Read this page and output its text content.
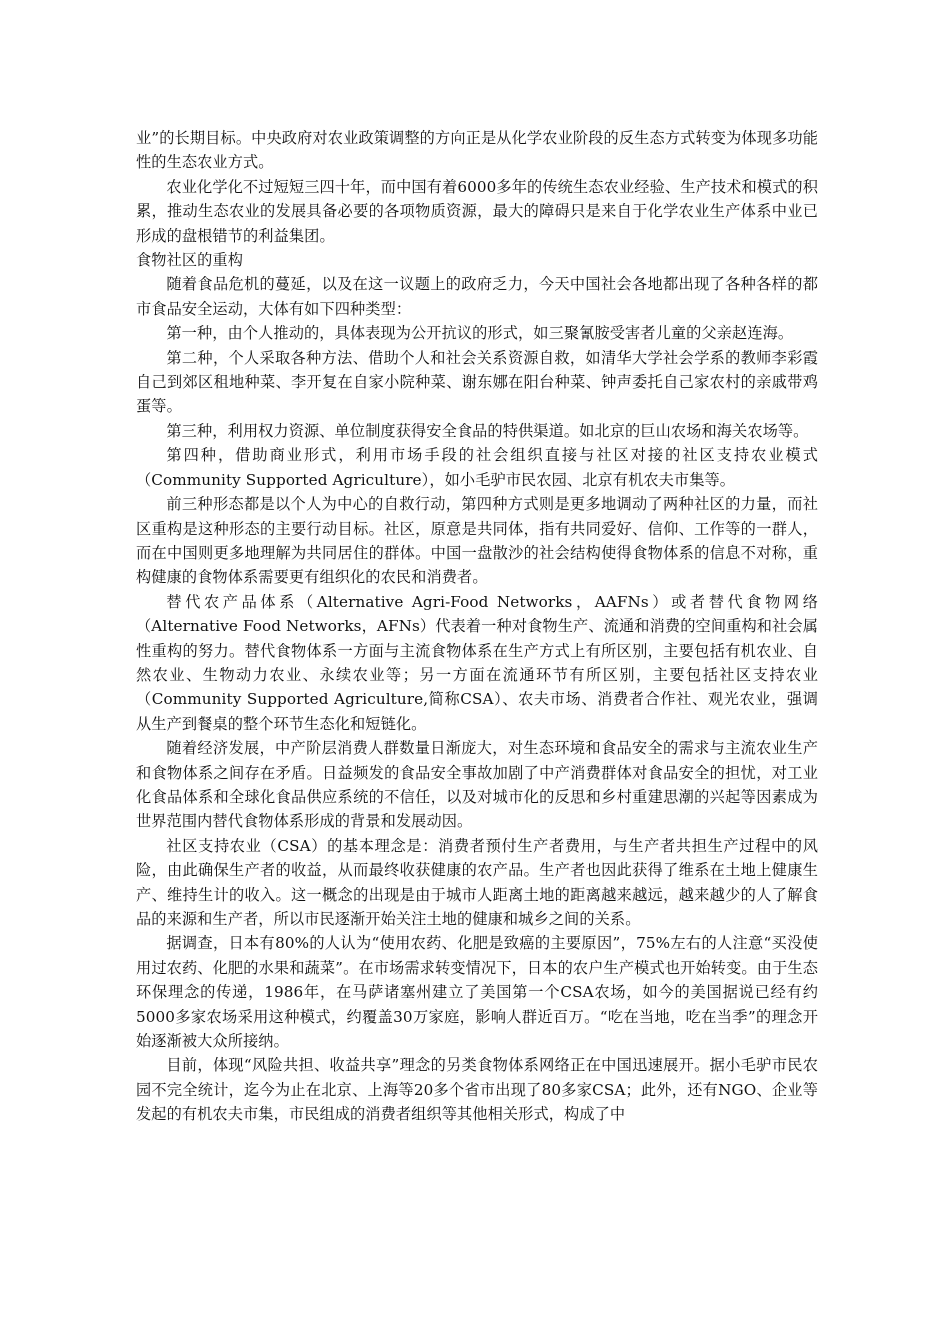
业”的长期目标。中央政府对农业政策调整的方向正是从化学农业阶段的反生态方式转变为体现多功能性的生态农业方式。

农业化学化不过短短三四十年，而中国有着6000多年的传统生态农业经验、生产技术和模式的积累，推动生态农业的发展具备必要的各项物质资源，最大的障碍只是来自于化学农业生产体系中业已形成的盘根错节的利益集团。

食物社区的重构

随着食品危机的蔓延，以及在这一议题上的政府乏力，今天中国社会各地都出现了各种各样的都市食品安全运动，大体有如下四种类型：

第一种，由个人推动的，具体表现为公开抗议的形式，如三聚氰胺受害者儿童的父亲赵连海。

第二种，个人采取各种方法、借助个人和社会关系资源自救，如清华大学社会学系的教师李彩霞自己到郊区租地种菜、李开复在自家小院种菜、谢东娜在阳台种菜、钟声委托自己家农村的亲戚带鸡蛋等。

第三种，利用权力资源、单位制度获得安全食品的特供渠道。如北京的巨山农场和海关农场等。

第四种，借助商业形式，利用市场手段的社会组织直接与社区对接的社区支持农业模式（Community Supported Agriculture），如小毛驴市民农园、北京有机农夫市集等。

前三种形态都是以个人为中心的自救行动，第四种方式则是更多地调动了两种社区的力量，而社区重构是这种形态的主要行动目标。社区，原意是共同体，指有共同爱好、信仰、工作等的一群人，而在中国则更多地理解为共同居住的群体。中国一盘散沙的社会结构使得食物体系的信息不对称，重构健康的食物体系需要更有组织化的农民和消费者。

替代农产品体系（Alternative Agri-Food Networks，AAFNs）或者替代食物网络（Alternative Food Networks，AFNs）代表着一种对食物生产、流通和消费的空间重构和社会属性重构的努力。替代食物体系一方面与主流食物体系在生产方式上有所区别，主要包括有机农业、自然农业、生物动力农业、永续农业等；另一方面在流通环节有所区别，主要包括社区支持农业（Community Supported Agriculture,简称CSA）、农夫市场、消费者合作社、观光农业，强调从生产到餐桌的整个环节生态化和短链化。

随着经济发展，中产阶层消费人群数量日渐庞大，对生态环境和食品安全的需求与主流农业生产和食物体系之间存在矛盾。日益频发的食品安全事故加剧了中产消费群体对食品安全的担忧，对工业化食品体系和全球化食品供应系统的不信任，以及对城市化的反思和乡村重建思潮的兴起等因素成为世界范围内替代食物体系形成的背景和发展动因。

社区支持农业（CSA）的基本理念是：消费者预付生产者费用，与生产者共担生产过程中的风险，由此确保生产者的收益，从而最终收获健康的农产品。生产者也因此获得了维系在土地上健康生产、维持生计的收入。这一概念的出现是由于城市人距离土地的距离越来越远，越来越少的人了解食品的来源和生产者，所以市民逐渐开始关注土地的健康和城乡之间的关系。

据调查，日本有80%的人认为“使用农药、化肥是致癌的主要原因”，75%左右的人注意“买没使用过农药、化肥的水果和蔬菜”。在市场需求转变情况下，日本的农户生产模式也开始转变。由于生态环保理念的传递，1986年，在马萨诸塞州建立了美国第一个CSA农场，如今的美国据说已经有约5000多家农场采用这种模式，约覆盖30万家庭，影响人群近百万。“吃在当地，吃在当季”的理念开始逐渐被大众所接纳。

目前，体现“风险共担、收益共享”理念的另类食物体系网络正在中国迅速展开。据小毛驴市民农园不完全统计，迄今为止在北京、上海等20多个省市出现了80多家CSA；此外，还有NGO、企业等发起的有机农夫市集，市民组成的消费者组织等其他相关形式，构成了中
